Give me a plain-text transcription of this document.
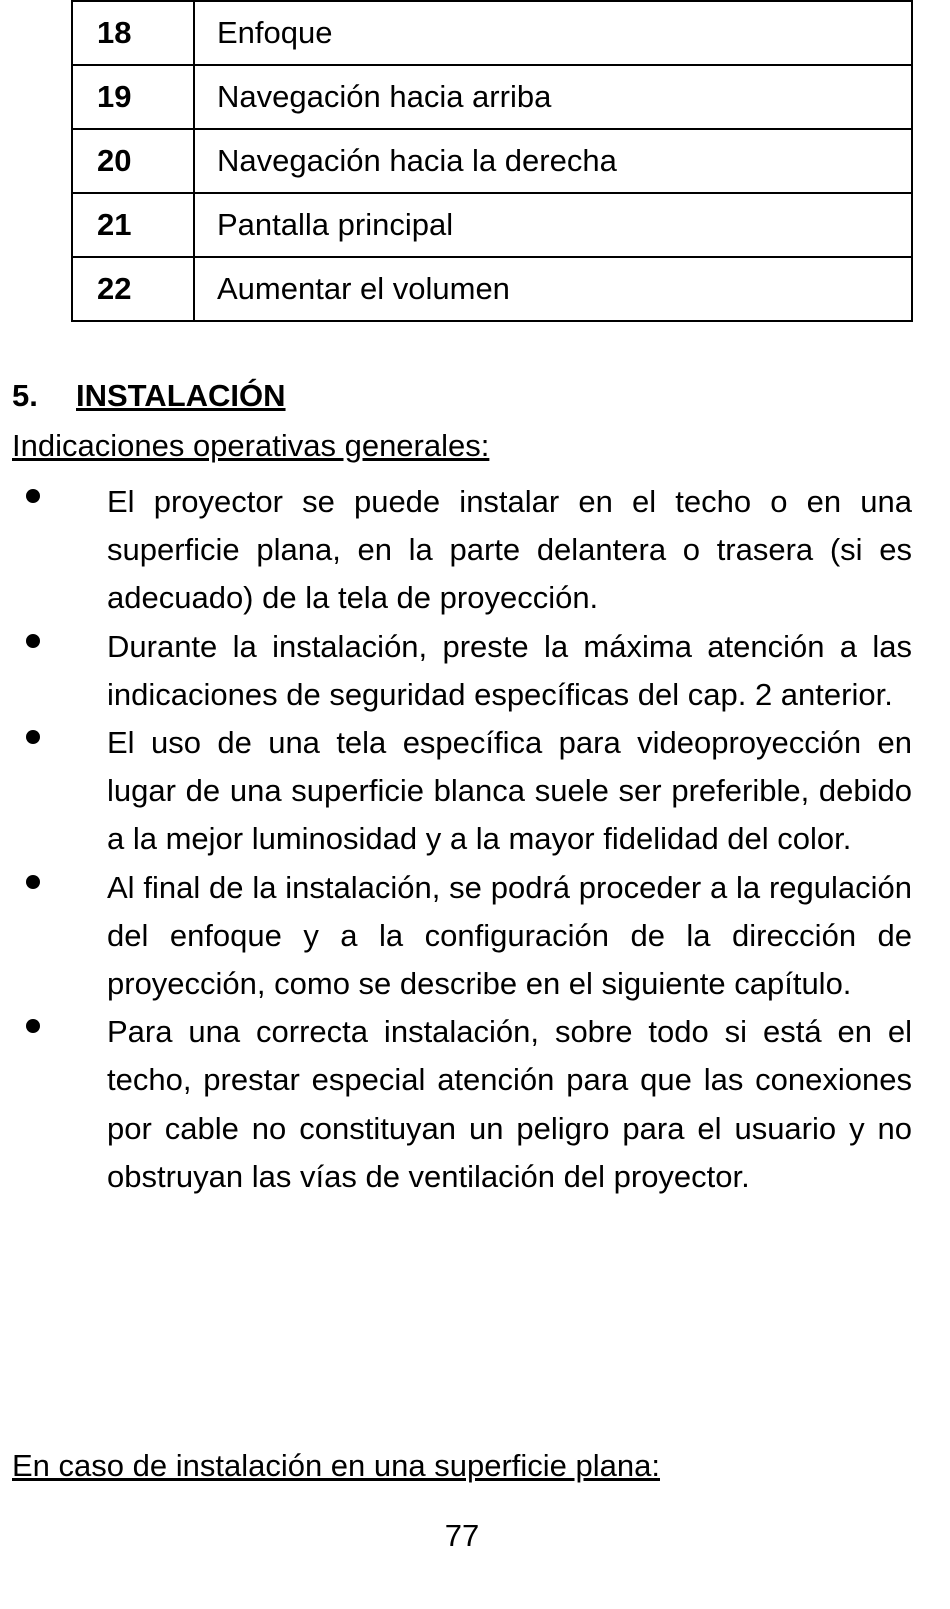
18	Enfoque
19	Navegación hacia arriba
20	Navegación hacia la derecha
21	Pantalla principal
22	Aumentar el volumen
5. INSTALACIÓN
Indicaciones operativas generales:
El proyector se puede instalar en el techo o en una superficie plana, en la parte delantera o trasera (si es adecuado) de la tela de proyección.
Durante la instalación, preste la máxima atención a las indicaciones de seguridad específicas del cap. 2 anterior.
El uso de una tela específica para videoproyección en lugar de una superficie blanca suele ser preferible, debido a la mejor luminosidad y a la mayor fidelidad del color.
Al final de la instalación, se podrá proceder a la regulación del enfoque y a la configuración de la dirección de proyección, como se describe en el siguiente capítulo.
Para una correcta instalación, sobre todo si está en el techo, prestar especial atención para que las conexiones por cable no constituyan un peligro para el usuario y no obstruyan las vías de ventilación del proyector.
En caso de instalación en una superficie plana:
77
